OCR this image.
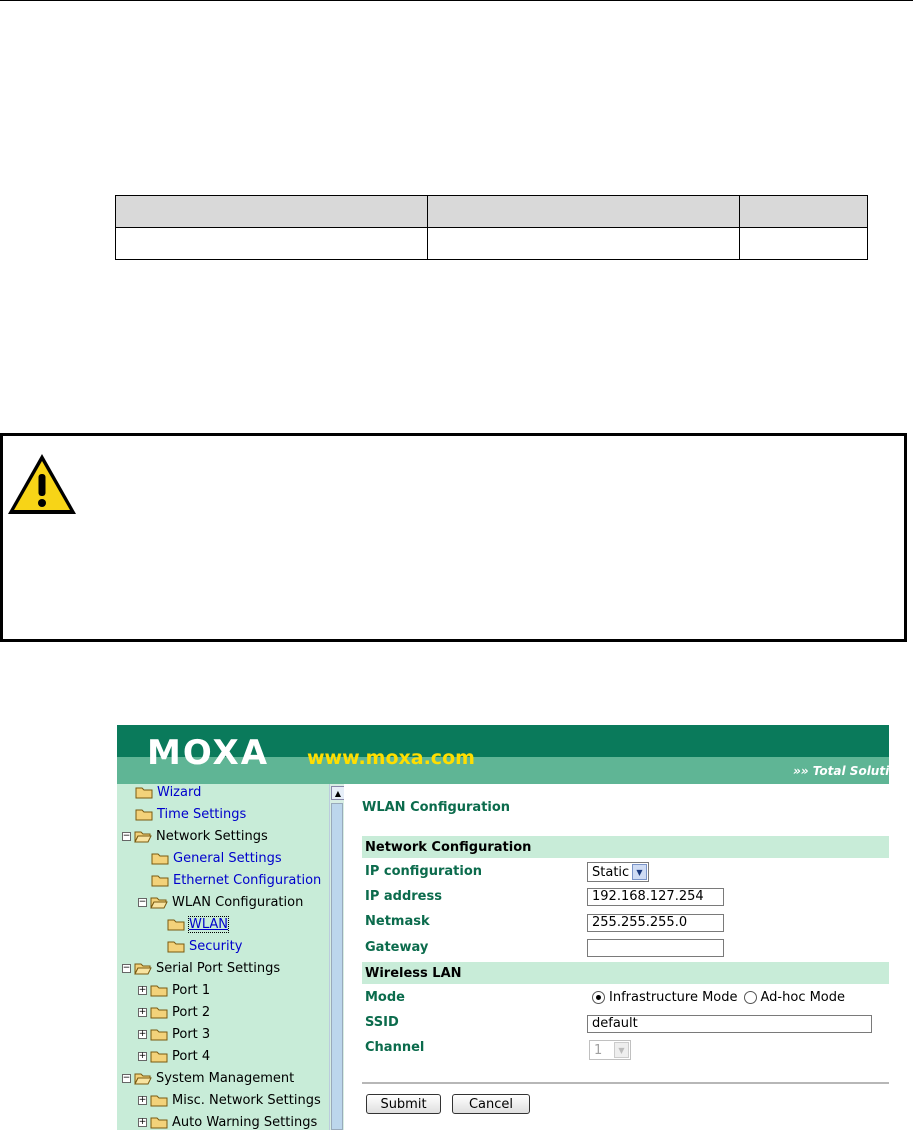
MOXA www.moxa.com
»» Total Solution
Wizard
Time Settings
− Network Settings
General Settings
Ethernet Configuration
− WLAN Configuration
WLAN
Security
− Serial Port Settings
+ Port 1
+ Port 2
+ Port 3
+ Port 4
− System Management
+ Misc. Network Settings
+ Auto Warning Settings
▲
WLAN Configuration
Network Configuration
IP configuration	Static ▼
IP address	192.168.127.254
Netmask	255.255.255.0
Gateway
Wireless LAN
Mode	Infrastructure Mode Ad-hoc Mode
SSID	default
Channel	1	▼
Submit	Cancel
